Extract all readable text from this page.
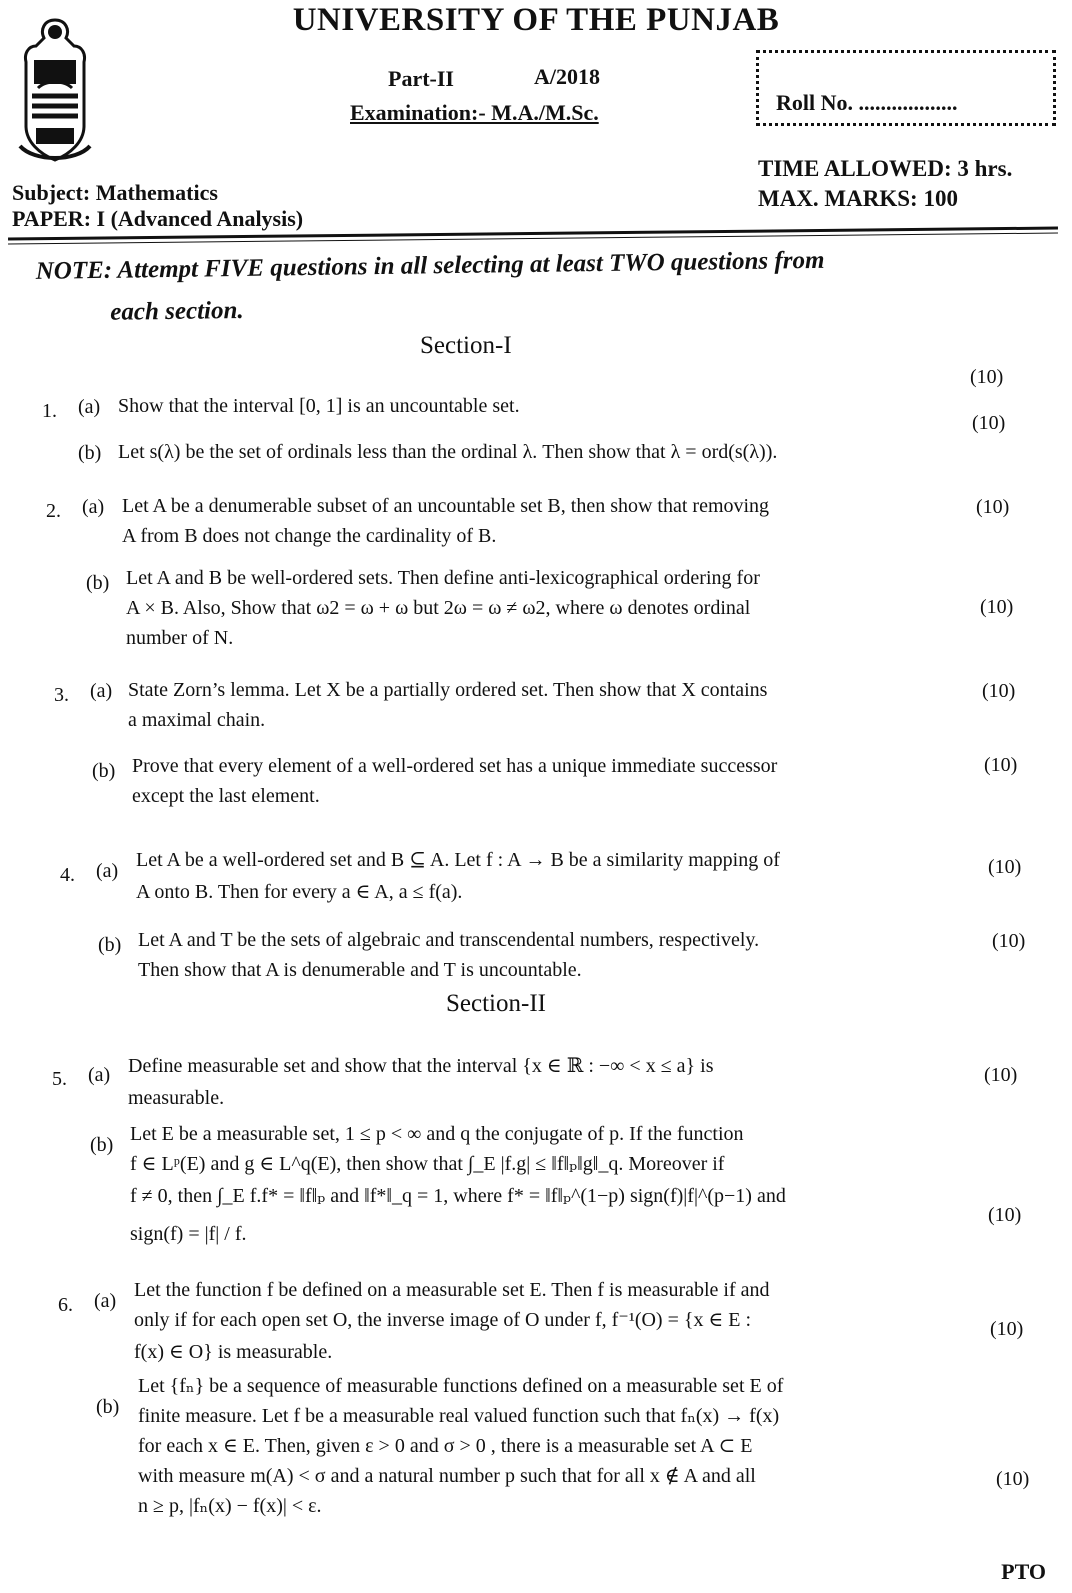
UNIVERSITY OF THE PUNJAB
Part-II	A/2018
Examination:- M.A./M.Sc.	Roll No. ..................
TIME ALLOWED: 3 hrs.
MAX. MARKS: 100
Subject: Mathematics
PAPER: I (Advanced Analysis)
NOTE: Attempt FIVE questions in all selecting at least TWO questions from
each section.
Section-I
1. (a) Show that the interval [0, 1] is an uncountable set.
(10)
(b) Let s(λ) be the set of ordinals less than the ordinal λ. Then show that λ = ord(s(λ)).
(10)
2. (a) Let A be a denumerable subset of an uncountable set B, then show that removing
A from B does not change the cardinality of B.
(10)
(b) Let A and B be well-ordered sets. Then define anti-lexicographical ordering for
A × B. Also, Show that ω2 = ω + ω but 2ω = ω ≠ ω2, where ω denotes ordinal
number of N.
(10)
3. (a) State Zorn’s lemma. Let X be a partially ordered set. Then show that X contains
a maximal chain.
(10)
(b) Prove that every element of a well-ordered set has a unique immediate successor
except the last element.
(10)
4. (a) Let A be a well-ordered set and B ⊆ A. Let f : A → B be a similarity mapping of
A onto B. Then for every a ∈ A, a ≤ f(a).
(10)
(b) Let A and T be the sets of algebraic and transcendental numbers, respectively.
Then show that A is denumerable and T is uncountable.
(10)
Section-II
5. (a) Define measurable set and show that the interval {x ∈ ℝ : −∞ < x ≤ a} is
measurable.
(10)
(b) Let E be a measurable set, 1 ≤ p < ∞ and q the conjugate of p. If the function
f ∈ Lᵖ(E) and g ∈ L^q(E), then show that ∫_E |f.g| ≤ ‖f‖ₚ‖g‖_q. Moreover if
f ≠ 0, then ∫_E f.f* = ‖f‖ₚ and ‖f*‖_q = 1, where f* = ‖f‖ₚ^(1−p) sign(f)|f|^(p−1) and
sign(f) = |f| / f.
(10)
6. (a) Let the function f be defined on a measurable set E. Then f is measurable if and
only if for each open set O, the inverse image of O under f, f⁻¹(O) = {x ∈ E :
f(x) ∈ O} is measurable.
(10)
(b)
Let {fₙ} be a sequence of measurable functions defined on a measurable set E of
finite measure. Let f be a measurable real valued function such that fₙ(x) → f(x)
for each x ∈ E. Then, given ε > 0 and σ > 0 , there is a measurable set A ⊂ E
with measure m(A) < σ and a natural number p such that for all x ∉ A and all
n ≥ p, |fₙ(x) − f(x)| < ε.
(10)
PTO
